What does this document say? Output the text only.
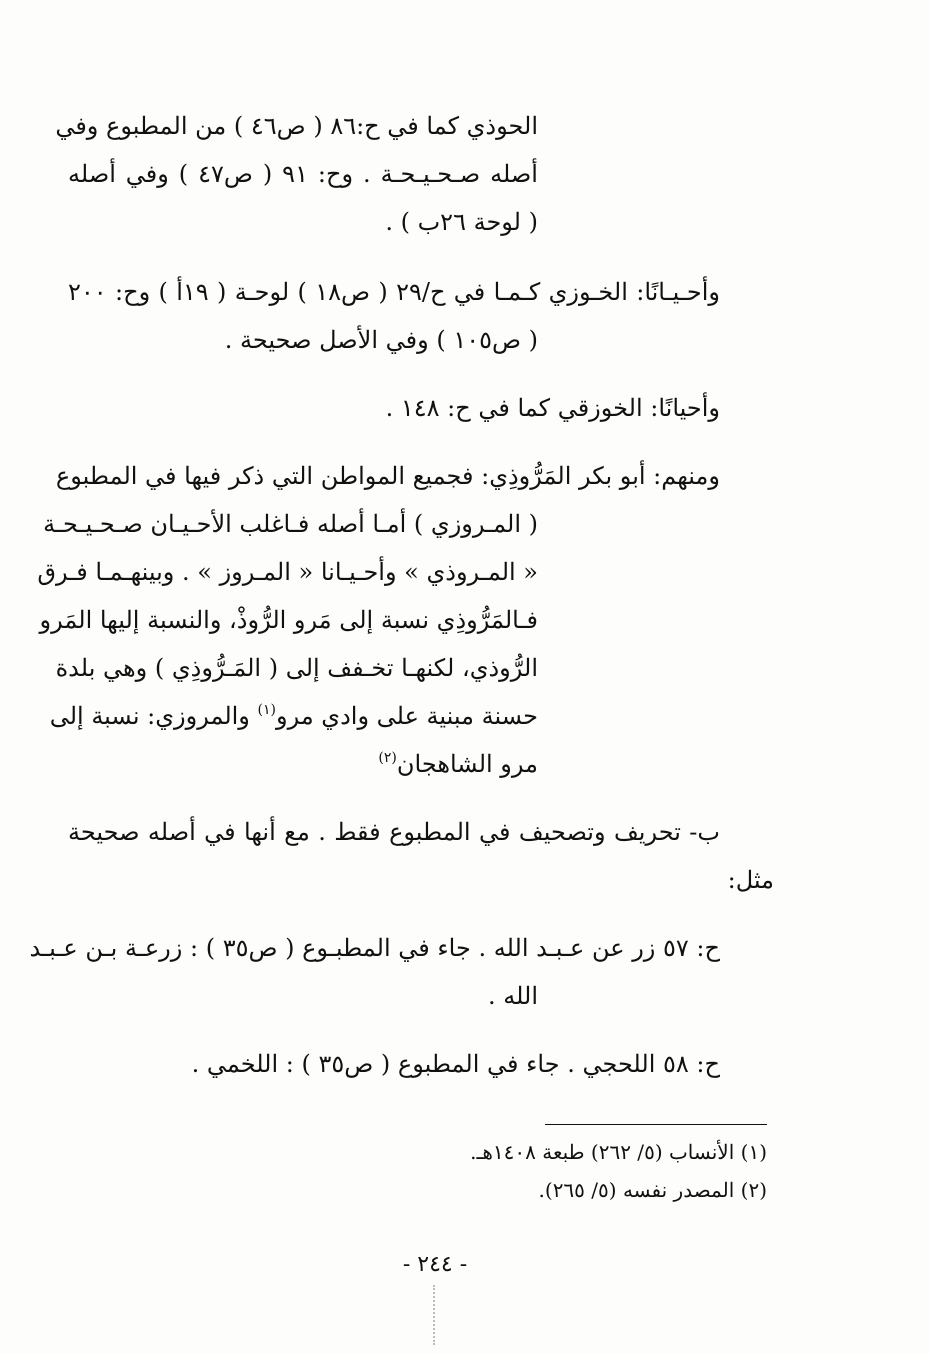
الحوذي كما في ح:٨٦ ( ص٤٦ ) من المطبوع وفي
أصله صـحـيـحـة . وح: ٩١ ( ص٤٧ ) وفي أصله
( لوحة ٢٦ب ) .
وأحـيـانًا: الخـوزي كـمـا في ح/٢٩ ( ص١٨ ) لوحـة ( ١٩أ ) وح: ٢٠٠
( ص١٠٥ ) وفي الأصل صحيحة .
وأحيانًا: الخوزقي كما في ح: ١٤٨ .
ومنهم: أبو بكر المَرُّوذِي: فجميع المواطن التي ذكر فيها في المطبوع
( المـروزي ) أمـا أصله فـاغلب الأحـيـان صـحـيـحـة
« المـروذي » وأحـيـانا « المـروز » . وبينهـمـا فـرق
فـالمَرُّوذِي نسبة إلى مَرو الرُّوذْ، والنسبة إليها المَرو
الرُّوذي، لكنهـا تخـفف إلى ( المَـرُّوذِي ) وهي بلدة
حسنة مبنية على وادي مرو$^{(١)}$ والمروزي: نسبة إلى
مرو الشاهجان$^{(٢)}$
ب- تحريف وتصحيف في المطبوع فقط . مع أنها في أصله صحيحة
مثل:
ح: ٥٧ زر عن عـبـد الله . جاء في المطبـوع ( ص٣٥ ) : زرعـة بـن عـبـد
الله .
ح: ٥٨ اللحجي . جاء في المطبوع ( ص٣٥ ) : اللخمي .
(١) الأنساب (٥/ ٢٦٢) طبعة ١٤٠٨هـ.
(٢) المصدر نفسه (٥/ ٢٦٥).
- ٢٤٤ -
